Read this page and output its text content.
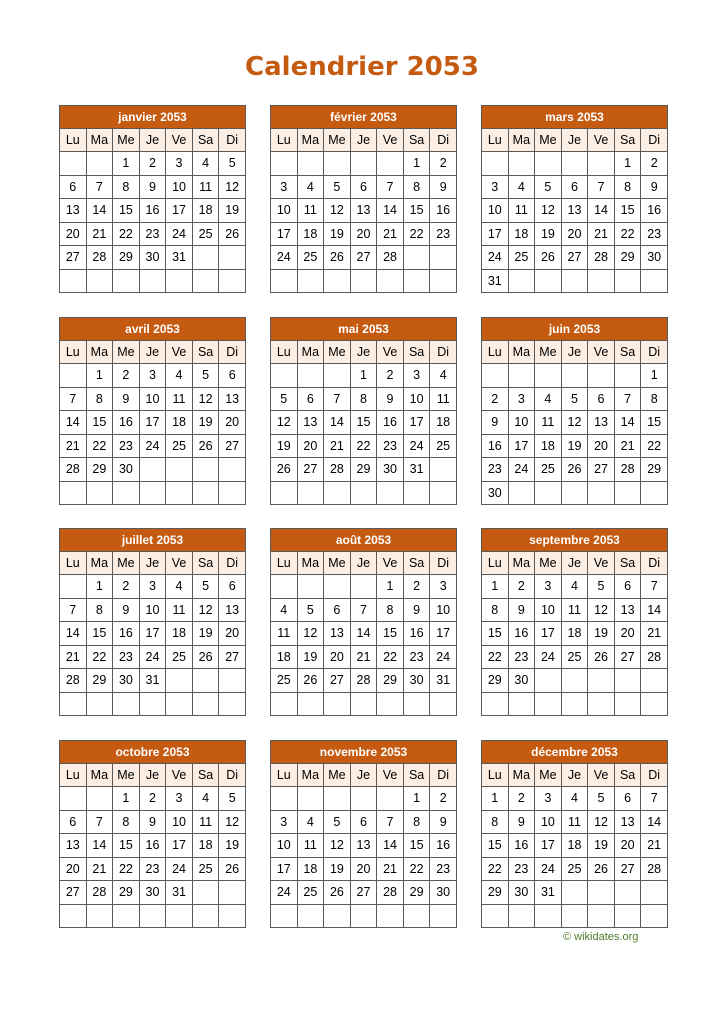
Calendrier 2053
janvier 2053						
Lu	Ma	Me	Je	Ve	Sa	Di
		1	2	3	4	5
6	7	8	9	10	11	12
13	14	15	16	17	18	19
20	21	22	23	24	25	26
27	28	29	30	31		

février 2053						
Lu	Ma	Me	Je	Ve	Sa	Di
					1	2
3	4	5	6	7	8	9
10	11	12	13	14	15	16
17	18	19	20	21	22	23
24	25	26	27	28		

mars 2053						
Lu	Ma	Me	Je	Ve	Sa	Di
					1	2
3	4	5	6	7	8	9
10	11	12	13	14	15	16
17	18	19	20	21	22	23
24	25	26	27	28	29	30
31						
avril 2053						
Lu	Ma	Me	Je	Ve	Sa	Di
	1	2	3	4	5	6
7	8	9	10	11	12	13
14	15	16	17	18	19	20
21	22	23	24	25	26	27
28	29	30				

mai 2053						
Lu	Ma	Me	Je	Ve	Sa	Di
			1	2	3	4
5	6	7	8	9	10	11
12	13	14	15	16	17	18
19	20	21	22	23	24	25
26	27	28	29	30	31	

juin 2053						
Lu	Ma	Me	Je	Ve	Sa	Di
						1
2	3	4	5	6	7	8
9	10	11	12	13	14	15
16	17	18	19	20	21	22
23	24	25	26	27	28	29
30						
juillet 2053						
Lu	Ma	Me	Je	Ve	Sa	Di
	1	2	3	4	5	6
7	8	9	10	11	12	13
14	15	16	17	18	19	20
21	22	23	24	25	26	27
28	29	30	31			

août 2053						
Lu	Ma	Me	Je	Ve	Sa	Di
				1	2	3
4	5	6	7	8	9	10
11	12	13	14	15	16	17
18	19	20	21	22	23	24
25	26	27	28	29	30	31

septembre 2053						
Lu	Ma	Me	Je	Ve	Sa	Di
1	2	3	4	5	6	7
8	9	10	11	12	13	14
15	16	17	18	19	20	21
22	23	24	25	26	27	28
29	30					

octobre 2053						
Lu	Ma	Me	Je	Ve	Sa	Di
		1	2	3	4	5
6	7	8	9	10	11	12
13	14	15	16	17	18	19
20	21	22	23	24	25	26
27	28	29	30	31		

novembre 2053						
Lu	Ma	Me	Je	Ve	Sa	Di
					1	2
3	4	5	6	7	8	9
10	11	12	13	14	15	16
17	18	19	20	21	22	23
24	25	26	27	28	29	30

décembre 2053						
Lu	Ma	Me	Je	Ve	Sa	Di
1	2	3	4	5	6	7
8	9	10	11	12	13	14
15	16	17	18	19	20	21
22	23	24	25	26	27	28
29	30	31				

© wikidates.org
